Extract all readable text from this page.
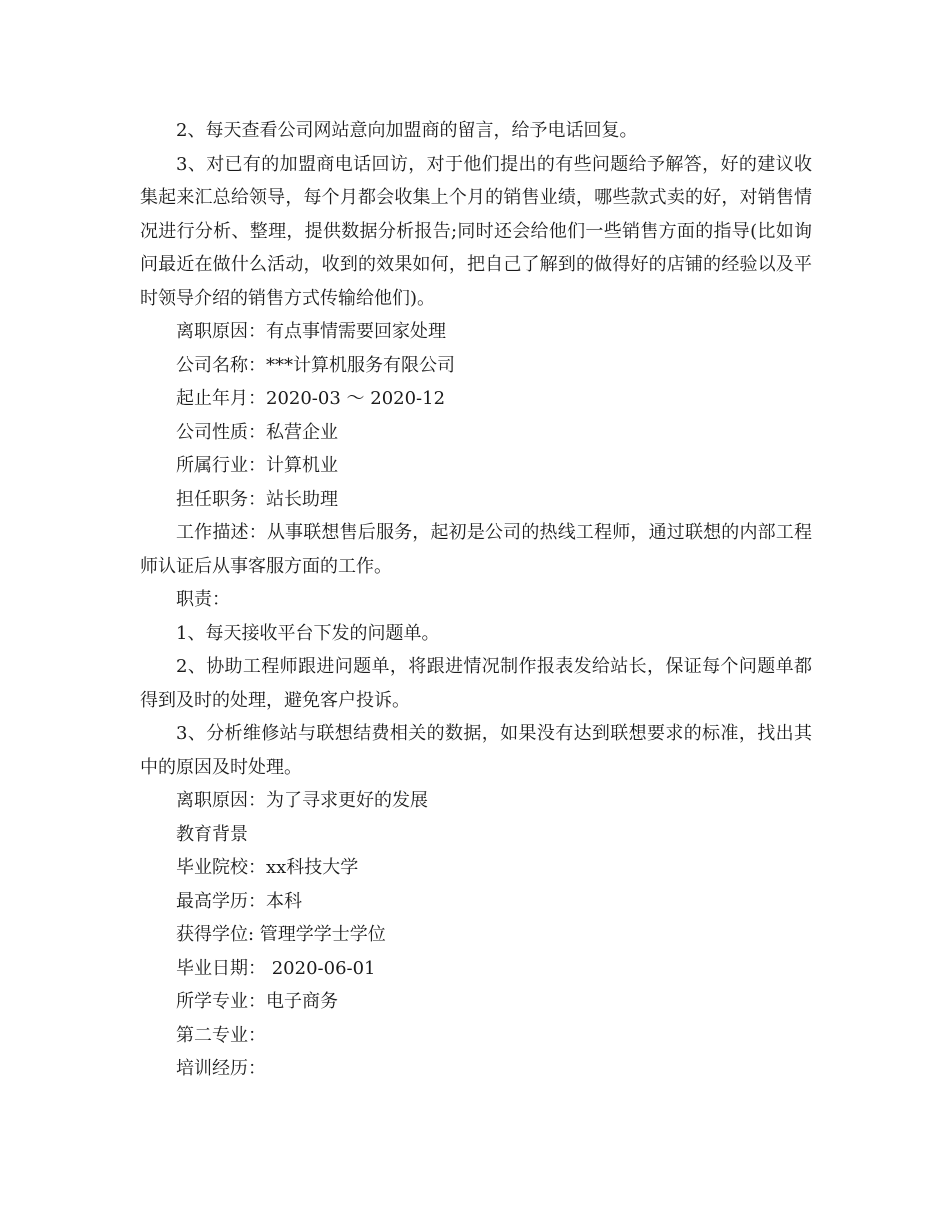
2、每天查看公司网站意向加盟商的留言，给予电话回复。

3、对已有的加盟商电话回访，对于他们提出的有些问题给予解答，好的建议收集起来汇总给领导，每个月都会收集上个月的销售业绩，哪些款式卖的好，对销售情况进行分析、整理，提供数据分析报告;同时还会给他们一些销售方面的指导(比如询问最近在做什么活动，收到的效果如何，把自己了解到的做得好的店铺的经验以及平时领导介绍的销售方式传输给他们)。

离职原因：有点事情需要回家处理

公司名称：***计算机服务有限公司

起止年月：2020-03 ～ 2020-12

公司性质：私营企业

所属行业：计算机业

担任职务：站长助理

工作描述：从事联想售后服务，起初是公司的热线工程师，通过联想的内部工程师认证后从事客服方面的工作。

职责：

1、每天接收平台下发的问题单。

2、协助工程师跟进问题单，将跟进情况制作报表发给站长，保证每个问题单都得到及时的处理，避免客户投诉。

3、分析维修站与联想结费相关的数据，如果没有达到联想要求的标准，找出其中的原因及时处理。

离职原因：为了寻求更好的发展

教育背景

毕业院校：xx科技大学

最高学历：本科

获得学位: 管理学学士学位

毕业日期： 2020-06-01

所学专业：电子商务

第二专业：

培训经历：
